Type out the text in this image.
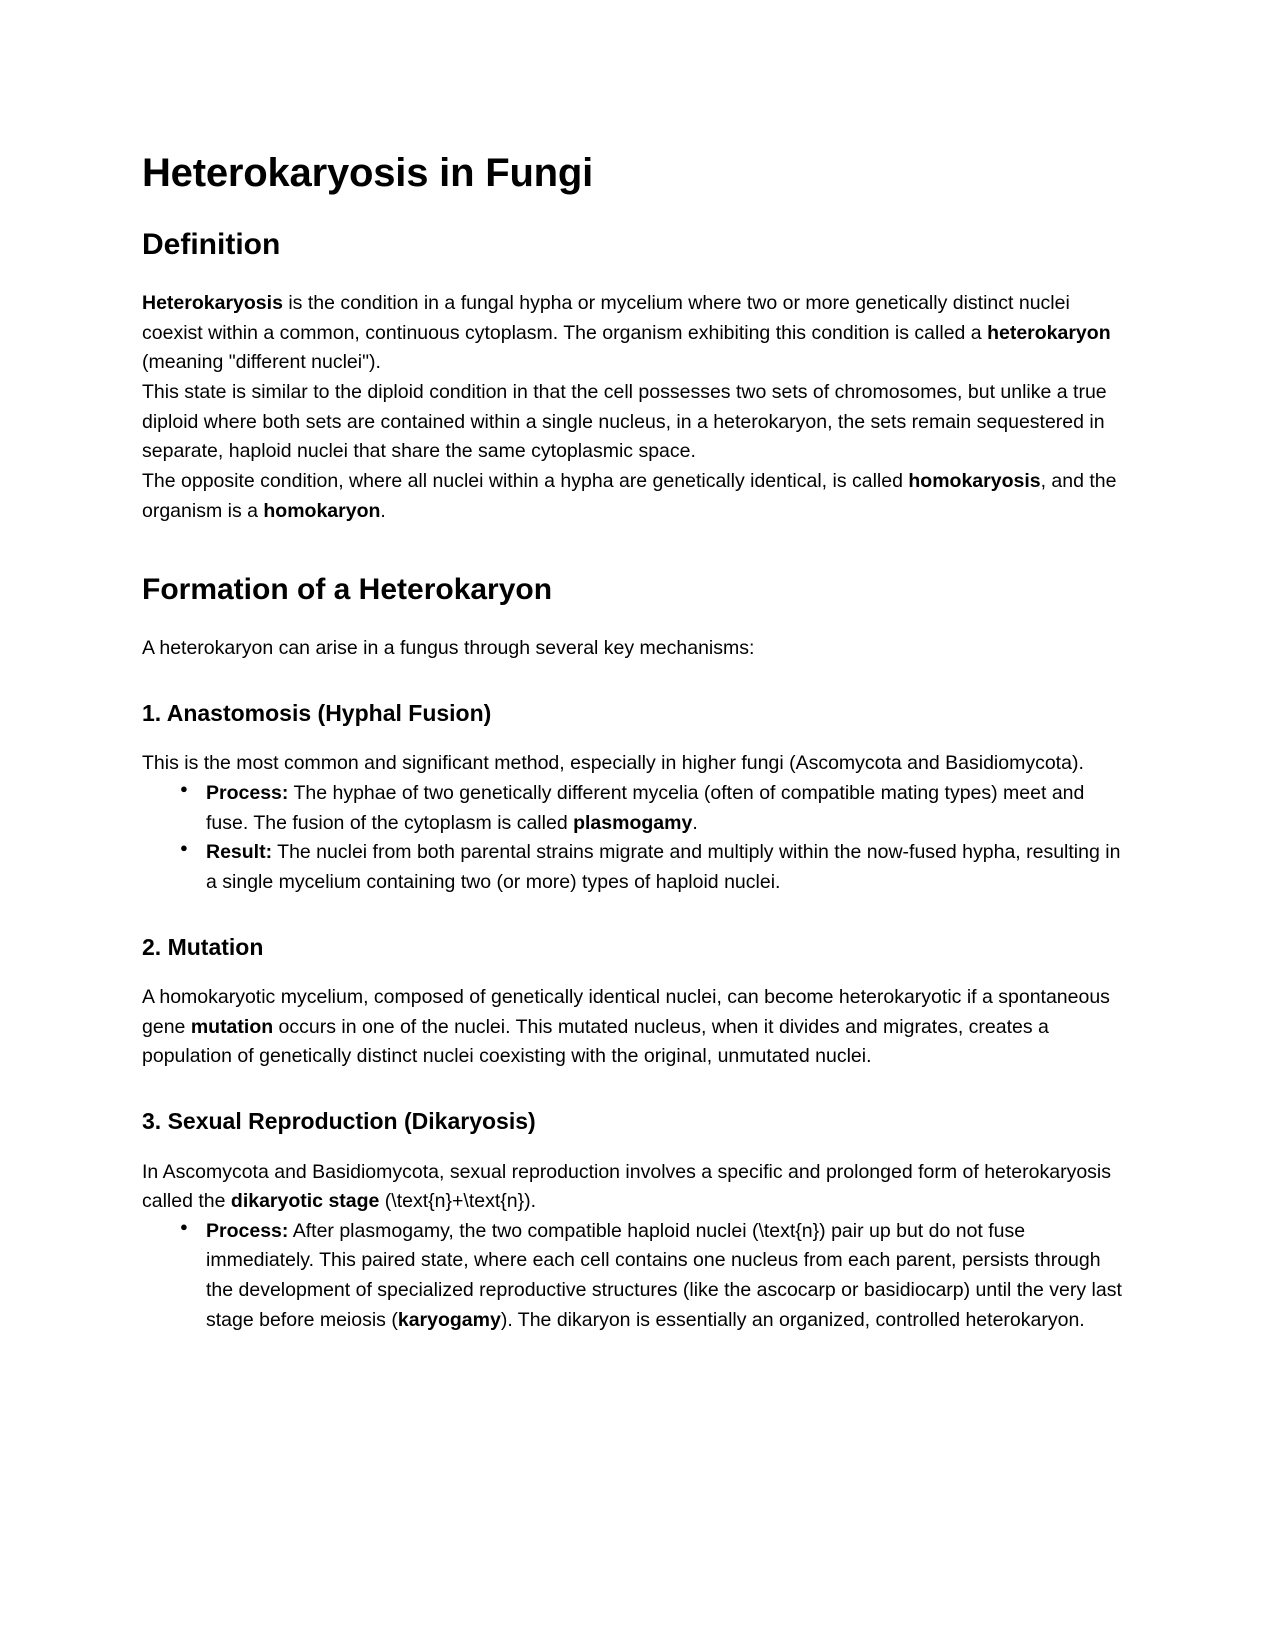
Heterokaryosis in Fungi
Definition

Heterokaryosis is the condition in a fungal hypha or mycelium where two or more genetically distinct nuclei coexist within a common, continuous cytoplasm. The organism exhibiting this condition is called a heterokaryon (meaning "different nuclei").

This state is similar to the diploid condition in that the cell possesses two sets of chromosomes, but unlike a true diploid where both sets are contained within a single nucleus, in a heterokaryon, the sets remain sequestered in separate, haploid nuclei that share the same cytoplasmic space.

The opposite condition, where all nuclei within a hypha are genetically identical, is called homokaryosis, and the organism is a homokaryon.

Formation of a Heterokaryon

A heterokaryon can arise in a fungus through several key mechanisms:

1. Anastomosis (Hyphal Fusion)

This is the most common and significant method, especially in higher fungi (Ascomycota and Basidiomycota).

● Process: The hyphae of two genetically different mycelia (often of compatible mating types) meet and fuse. The fusion of the cytoplasm is called plasmogamy.
● Result: The nuclei from both parental strains migrate and multiply within the now-fused hypha, resulting in a single mycelium containing two (or more) types of haploid nuclei.
2. Mutation

A homokaryotic mycelium, composed of genetically identical nuclei, can become heterokaryotic if a spontaneous gene mutation occurs in one of the nuclei. This mutated nucleus, when it divides and migrates, creates a population of genetically distinct nuclei coexisting with the original, unmutated nuclei.

3. Sexual Reproduction (Dikaryosis)

In Ascomycota and Basidiomycota, sexual reproduction involves a specific and prolonged form of heterokaryosis called the dikaryotic stage (\text{n}+\text{n}).

● Process: After plasmogamy, the two compatible haploid nuclei (\text{n}) pair up but do not fuse immediately. This paired state, where each cell contains one nucleus from each parent, persists through the development of specialized reproductive structures (like the ascocarp or basidiocarp) until the very last stage before meiosis (karyogamy). The dikaryon is essentially an organized, controlled heterokaryon.
